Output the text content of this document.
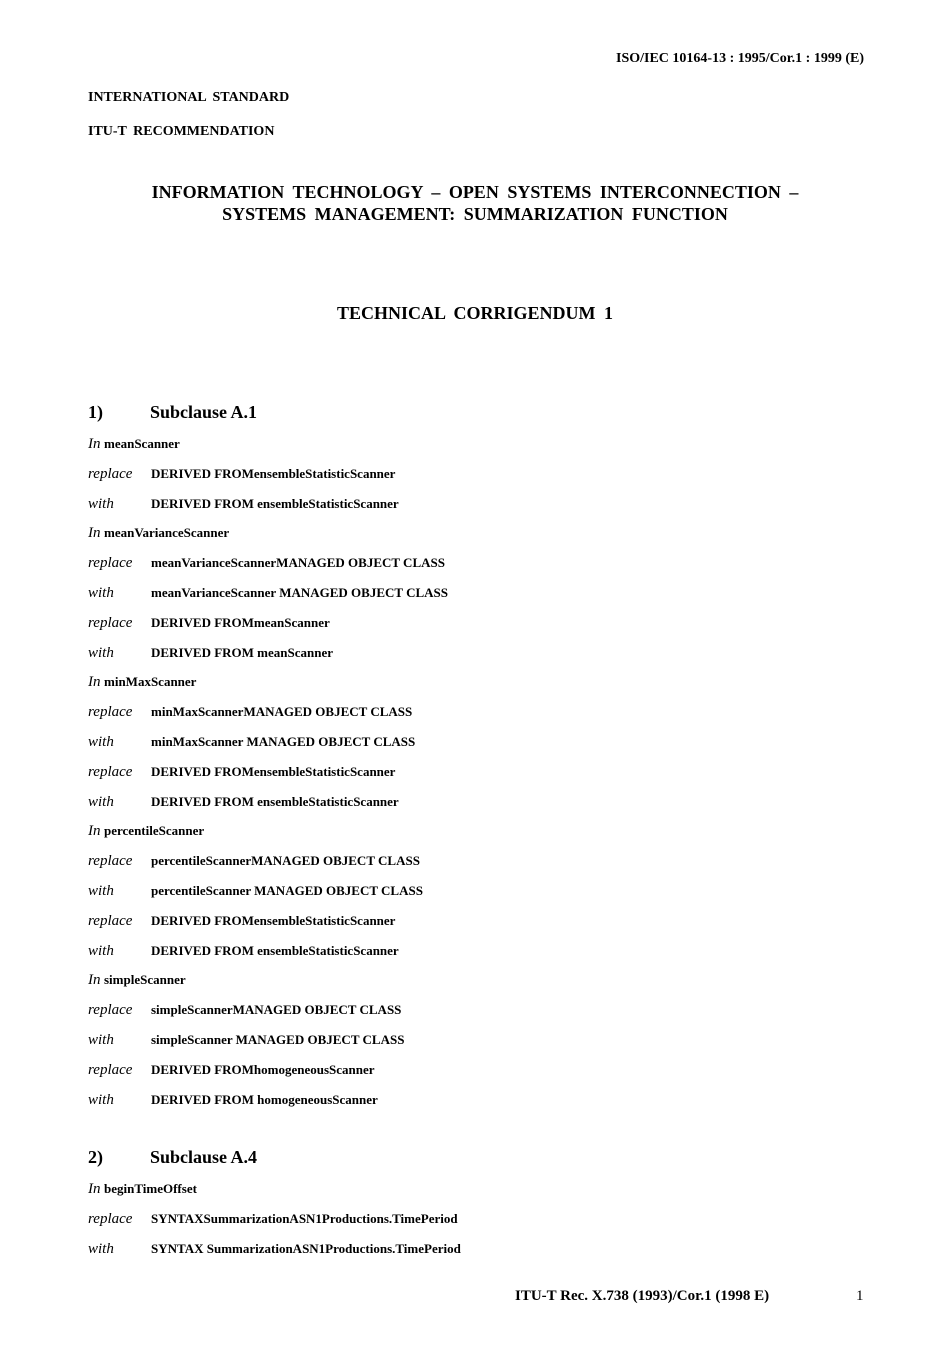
ISO/IEC 10164-13 : 1995/Cor.1 : 1999 (E)
INTERNATIONAL STANDARD
ITU-T RECOMMENDATION
INFORMATION TECHNOLOGY – OPEN SYSTEMS INTERCONNECTION –
SYSTEMS MANAGEMENT: SUMMARIZATION FUNCTION
TECHNICAL CORRIGENDUM 1
1)	Subclause A.1
In meanScanner
replace DERIVED FROMensembleStatisticScanner
with	DERIVED FROM ensembleStatisticScanner
In meanVarianceScanner
replace meanVarianceScannerMANAGED OBJECT CLASS
with	meanVarianceScanner MANAGED OBJECT CLASS
replace DERIVED FROMmeanScanner
with	DERIVED FROM meanScanner
In minMaxScanner
replace minMaxScannerMANAGED OBJECT CLASS
with	minMaxScanner MANAGED OBJECT CLASS
replace DERIVED FROMensembleStatisticScanner
with	DERIVED FROM ensembleStatisticScanner
In percentileScanner
replace percentileScannerMANAGED OBJECT CLASS
with	percentileScanner MANAGED OBJECT CLASS
replace DERIVED FROMensembleStatisticScanner
with	DERIVED FROM ensembleStatisticScanner
In simpleScanner
replace simpleScannerMANAGED OBJECT CLASS
with	simpleScanner MANAGED OBJECT CLASS
replace DERIVED FROMhomogeneousScanner
with	DERIVED FROM homogeneousScanner
2)	Subclause A.4
In beginTimeOffset
replace SYNTAXSummarizationASN1Productions.TimePeriod
with	SYNTAX SummarizationASN1Productions.TimePeriod
ITU-T Rec. X.738 (1993)/Cor.1 (1998 E)	1
